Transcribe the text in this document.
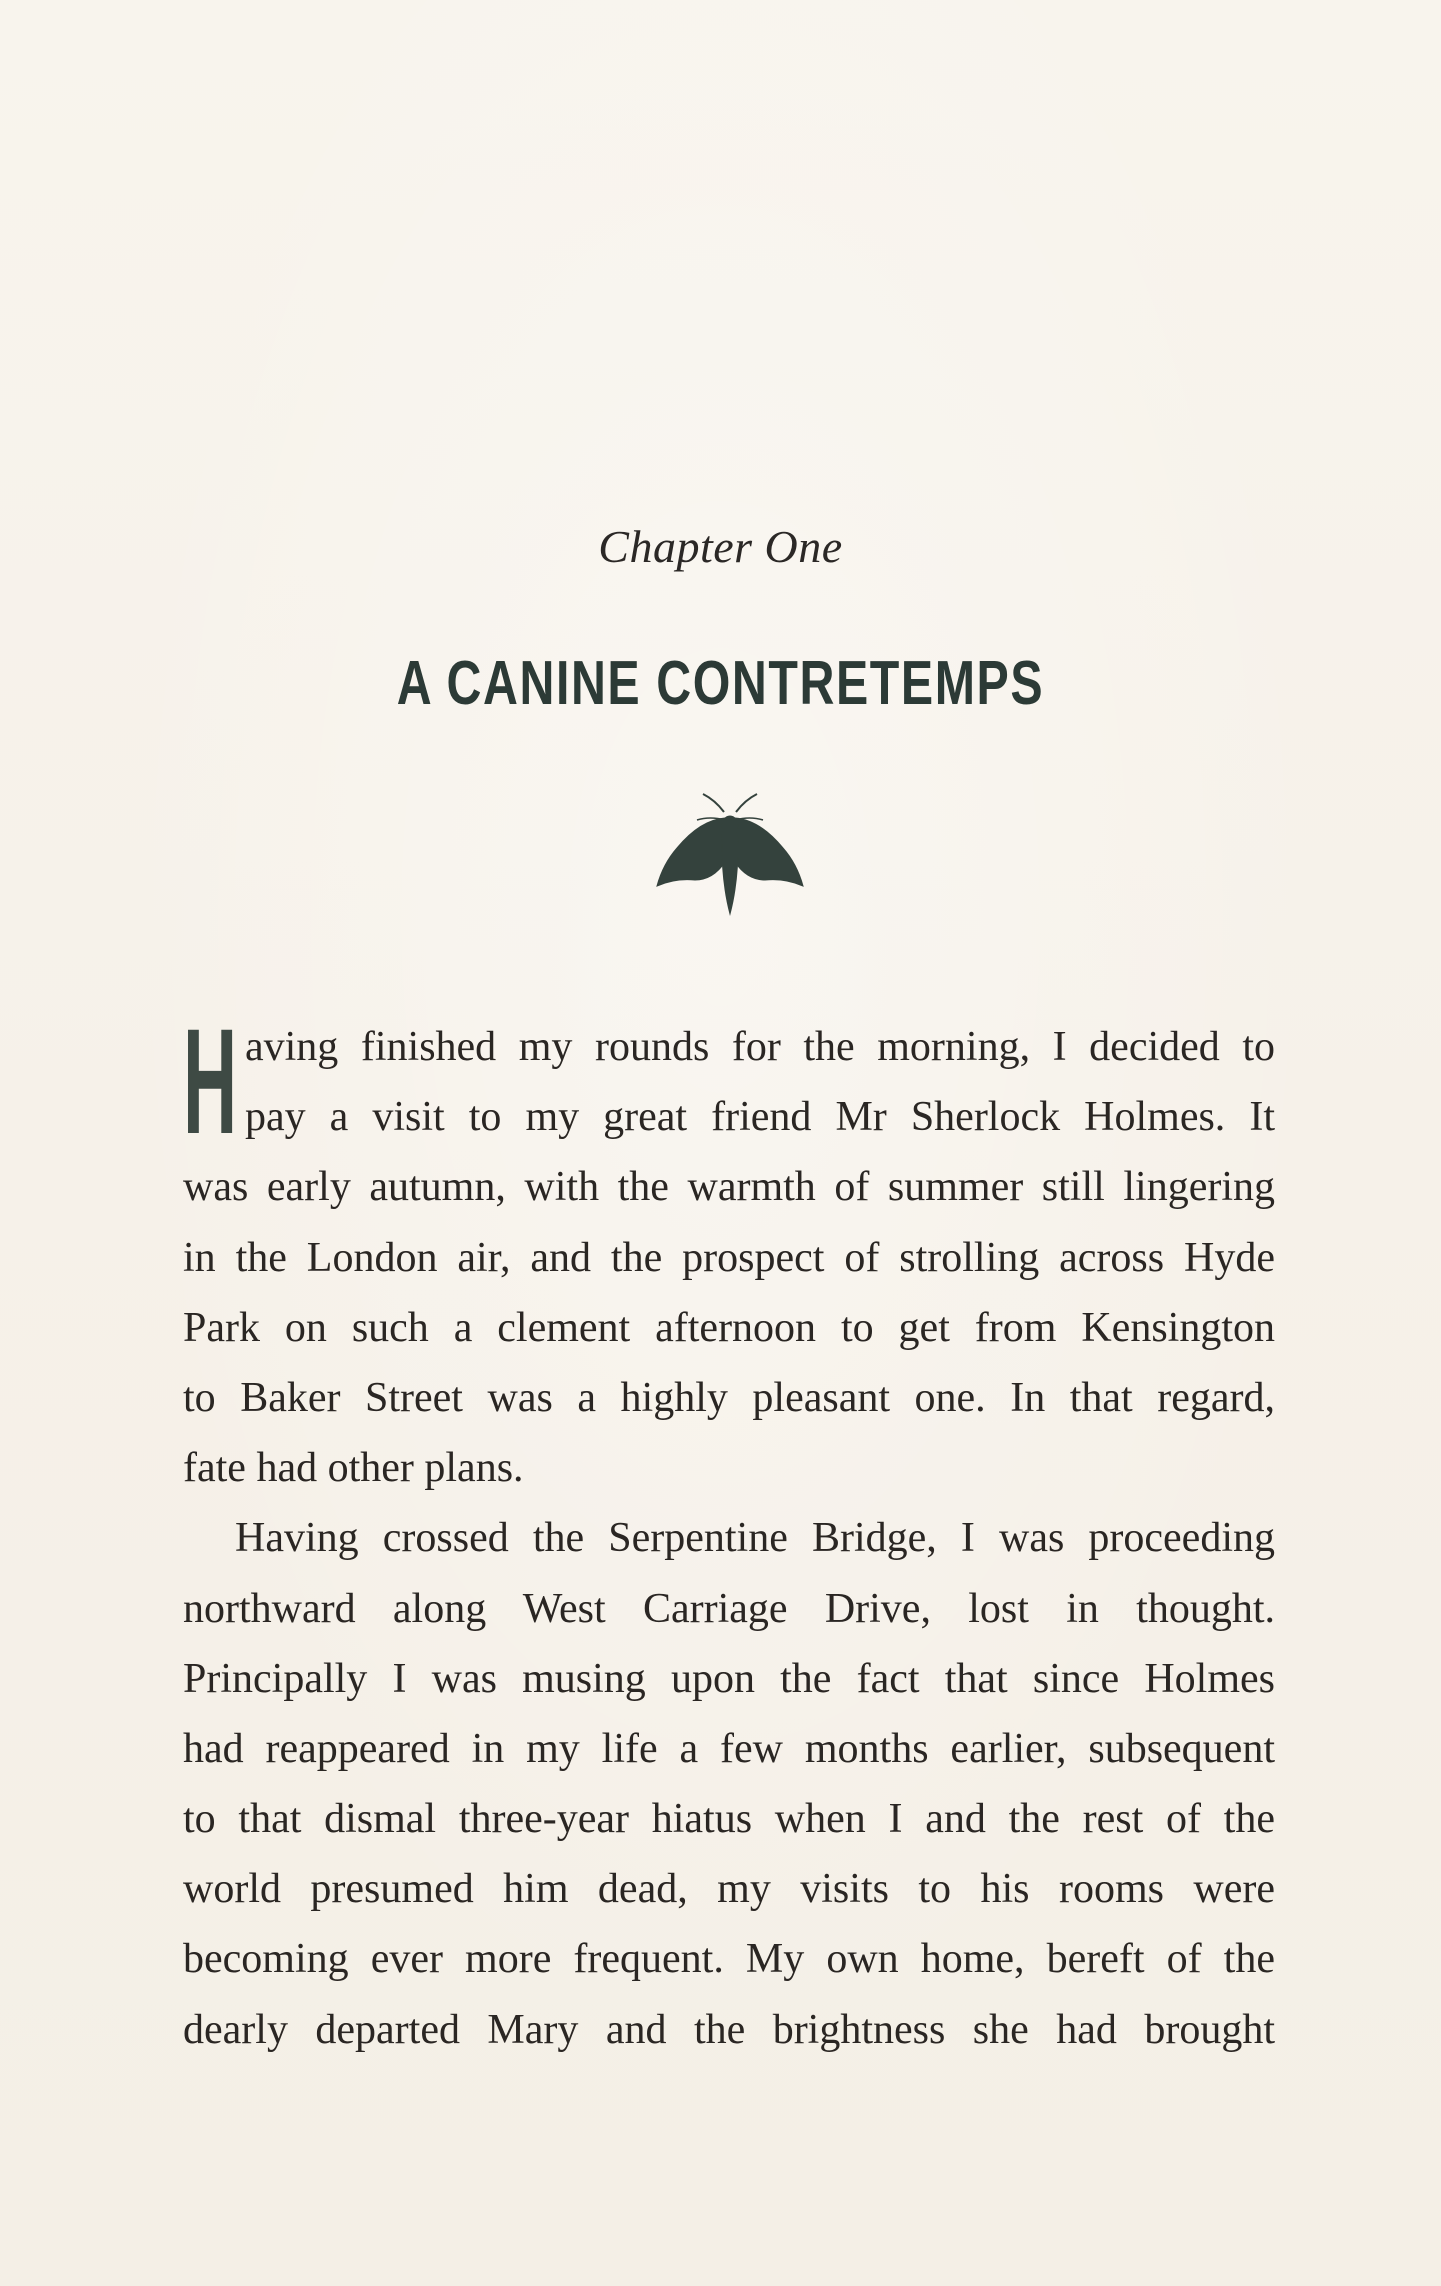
Chapter One
A CANINE CONTRETEMPS
H aving finished my rounds for the morning, I decided to
pay a visit to my great friend Mr Sherlock Holmes. It
was early autumn, with the warmth of summer still lingering
in the London air, and the prospect of strolling across Hyde
Park on such a clement afternoon to get from Kensington
to Baker Street was a highly pleasant one. In that regard,
fate had other plans.
Having crossed the Serpentine Bridge, I was proceeding
northward along West Carriage Drive, lost in thought.
Principally I was musing upon the fact that since Holmes
had reappeared in my life a few months earlier, subsequent
to that dismal three-year hiatus when I and the rest of the
world presumed him dead, my visits to his rooms were
becoming ever more frequent. My own home, bereft of the
dearly departed Mary and the brightness she had brought
